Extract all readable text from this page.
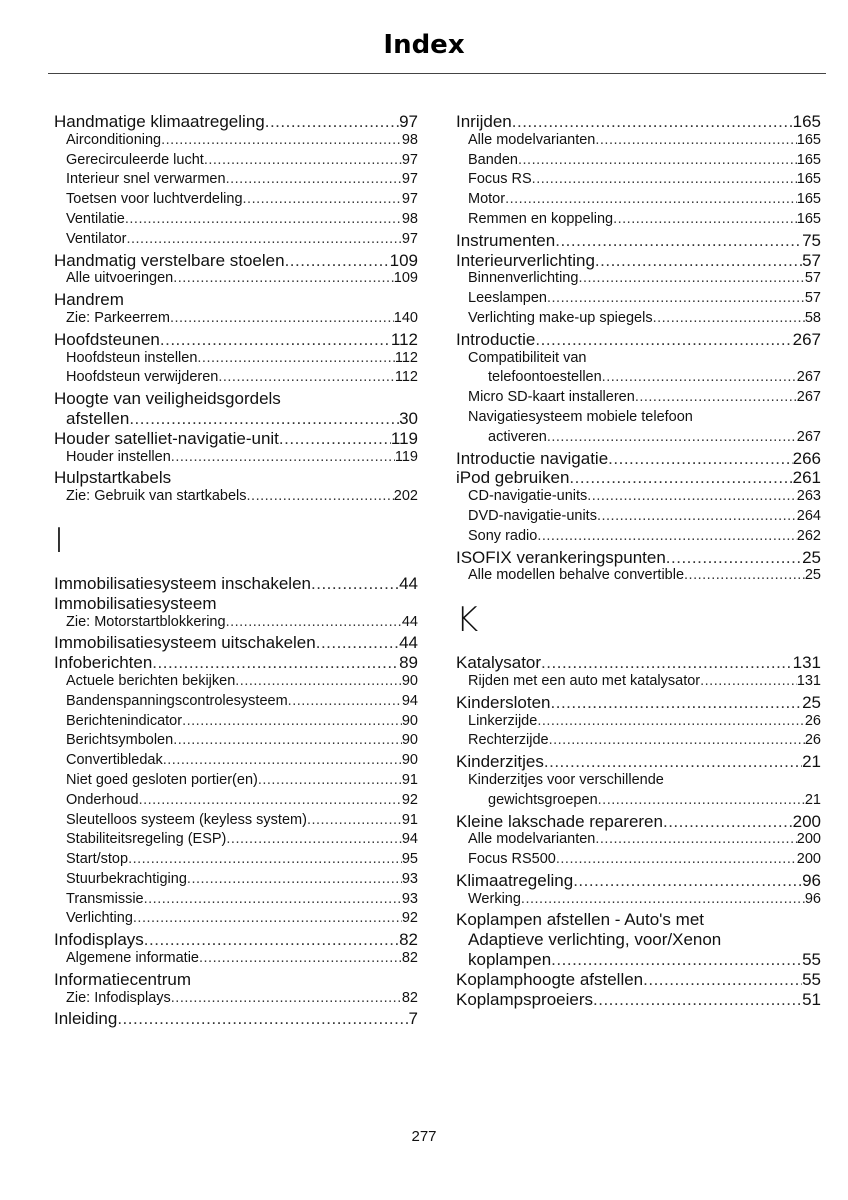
Index
Handmatige klimaatregeling .....	97
Airconditioning .....	98
Gerecirculeerde lucht .....	97
Interieur snel verwarmen .....	97
Toetsen voor luchtverdeling .....	97
Ventilatie .....	98
Ventilator .....	97
Handmatig verstelbare stoelen .....	109
Alle uitvoeringen .....	109
Handrem
Zie: Parkeerrem .....	140
Hoofdsteunen .....	112
Hoofdsteun instellen .....	112
Hoofdsteun verwijderen .....	112
Hoogte van veiligheidsgordels
afstellen .....	30
Houder satelliet-navigatie-unit .....	119
Houder instellen .....	119
Hulpstartkabels
Zie: Gebruik van startkabels .....	202
I
Immobilisatiesysteem inschakelen .....	44
Immobilisatiesysteem
Zie: Motorstartblokkering .....	44
Immobilisatiesysteem uitschakelen .....	44
Infoberichten .....	89
Actuele berichten bekijken .....	90
Bandenspanningscontrolesysteem .....	94
Berichtenindicator .....	90
Berichtsymbolen .....	90
Convertibledak .....	90
Niet goed gesloten portier(en) .....	91
Onderhoud .....	92
Sleutelloos systeem (keyless system) .....	91
Stabiliteitsregeling (ESP) .....	94
Start/stop .....	95
Stuurbekrachtiging .....	93
Transmissie .....	93
Verlichting .....	92
Infodisplays .....	82
Algemene informatie .....	82
Informatiecentrum
Zie: Infodisplays .....	82
Inleiding .....	7
Inrijden .....	165
Alle modelvarianten .....	165
Banden .....	165
Focus RS .....	165
Motor .....	165
Remmen en koppeling .....	165
Instrumenten .....	75
Interieurverlichting .....	57
Binnenverlichting .....	57
Leeslampen .....	57
Verlichting make-up spiegels .....	58
Introductie .....	267
Compatibiliteit van
telefoontoestellen .....	267
Micro SD-kaart installeren .....	267
Navigatiesysteem mobiele telefoon
activeren .....	267
Introductie navigatie .....	266
iPod gebruiken .....	261
CD-navigatie-units .....	263
DVD-navigatie-units .....	264
Sony radio .....	262
ISOFIX verankeringspunten .....	25
Alle modellen behalve convertible .....	25
K
Katalysator .....	131
Rijden met een auto met katalysator .....	131
Kindersloten .....	25
Linkerzijde .....	26
Rechterzijde .....	26
Kinderzitjes .....	21
Kinderzitjes voor verschillende
gewichtsgroepen .....	21
Kleine lakschade repareren .....	200
Alle modelvarianten .....	200
Focus RS500 .....	200
Klimaatregeling .....	96
Werking .....	96
Koplampen afstellen - Auto's met
Adaptieve verlichting, voor/Xenon
koplampen .....	55
Koplamphoogte afstellen .....	55
Koplampsproeiers .....	51
277
